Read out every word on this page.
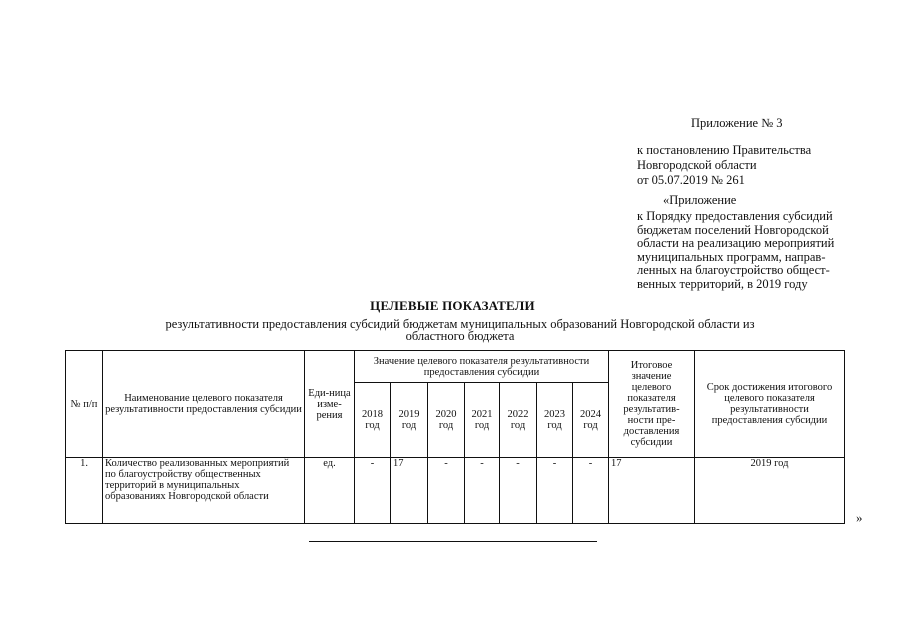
Приложение № 3
к постановлению Правительства
Новгородской области
от 05.07.2019 № 261
«Приложение
к Порядку предоставления субсидий
бюджетам поселений Новгородской
области на реализацию мероприятий
муниципальных программ, направ-
ленных на благоустройство общест-
венных территорий, в 2019 году
ЦЕЛЕВЫЕ ПОКАЗАТЕЛИ
результативности предоставления субсидий бюджетам муниципальных образований Новгородской области из
областного бюджета
№ п/п	Наименование целевого показателя результативности предоставления субсидии	Еди-ница изме-рения	Значение целевого показателя результативности предоставления субсидии							Итоговое значение целевого показателя результатив-ности пре-доставления субсидии	Срок достижения итогового целевого показателя результативности предоставления субсидии
			2018 год	2019 год	2020 год	2021 год	2022 год	2023 год	2024 год		
1.	Количество реализованных мероприятий по благоустройству общественных территорий в муниципальных образованиях Новгородской области	ед.	-	17	-	-	-	-	-	17	2019 год
»
